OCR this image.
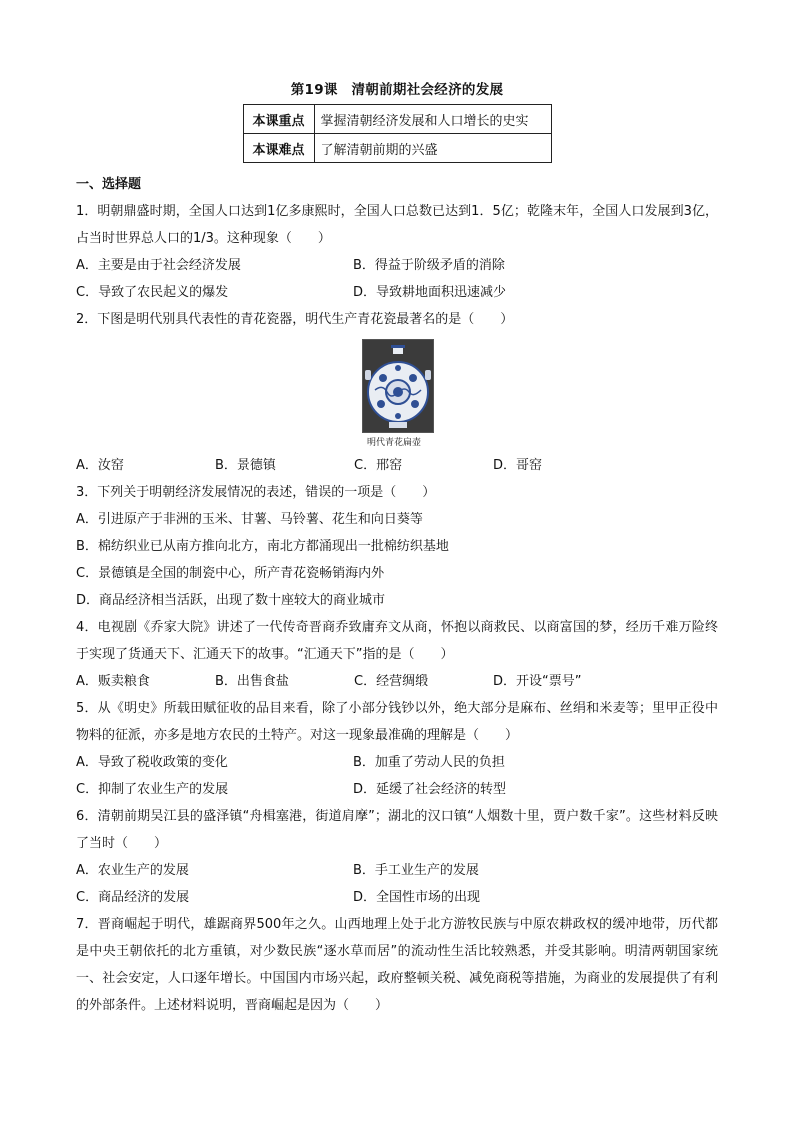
第19课　清朝前期社会经济的发展
本课重点	掌握清朝经济发展和人口增长的史实
本课难点	了解清朝前期的兴盛
一、选择题

1．明朝鼎盛时期，全国人口达到1亿多康熙时，全国人口总数已达到1．5亿；乾隆末年，全国人口发展到3亿，占当时世界总人口的1/3。这种现象（　　）

A．主要是由于社会经济发展	B．得益于阶级矛盾的消除
C．导致了农民起义的爆发	D．导致耕地面积迅速减少

2．下图是明代别具代表性的青花瓷器，明代生产青花瓷最著名的是（　　）

明代青花扁壶
A．汝窑	B．景德镇	C．邢窑	D．哥窑

3．下列关于明朝经济发展情况的表述，错误的一项是（　　）

A．引进原产于非洲的玉米、甘薯、马铃薯、花生和向日葵等
B．棉纺织业已从南方推向北方，南北方都涌现出一批棉纺织基地
C．景德镇是全国的制瓷中心，所产青花瓷畅销海内外
D．商品经济相当活跃，出现了数十座较大的商业城市

4．电视剧《乔家大院》讲述了一代传奇晋商乔致庸弃文从商，怀抱以商救民、以商富国的梦，经历千难万险终于实现了货通天下、汇通天下的故事。“汇通天下”指的是（　　）

A．贩卖粮食	B．出售食盐	C．经营绸缎	D．开设“票号”

5．从《明史》所载田赋征收的品目来看，除了小部分钱钞以外，绝大部分是麻布、丝绢和米麦等；里甲正役中物料的征派，亦多是地方农民的土特产。对这一现象最准确的理解是（　　）

A．导致了税收政策的变化	B．加重了劳动人民的负担
C．抑制了农业生产的发展	D．延缓了社会经济的转型

6．清朝前期吴江县的盛泽镇“舟楫塞港，街道肩摩”；湖北的汉口镇“人烟数十里，贾户数千家”。这些材料反映了当时（　　）

A．农业生产的发展	B．手工业生产的发展
C．商品经济的发展	D．全国性市场的出现

7．晋商崛起于明代，雄踞商界500年之久。山西地理上处于北方游牧民族与中原农耕政权的缓冲地带，历代都是中央王朝依托的北方重镇，对少数民族“逐水草而居”的流动性生活比较熟悉，并受其影响。明清两朝国家统一、社会安定，人口逐年增长。中国国内市场兴起，政府整顿关税、减免商税等措施，为商业的发展提供了有利的外部条件。上述材料说明，晋商崛起是因为（　　）
